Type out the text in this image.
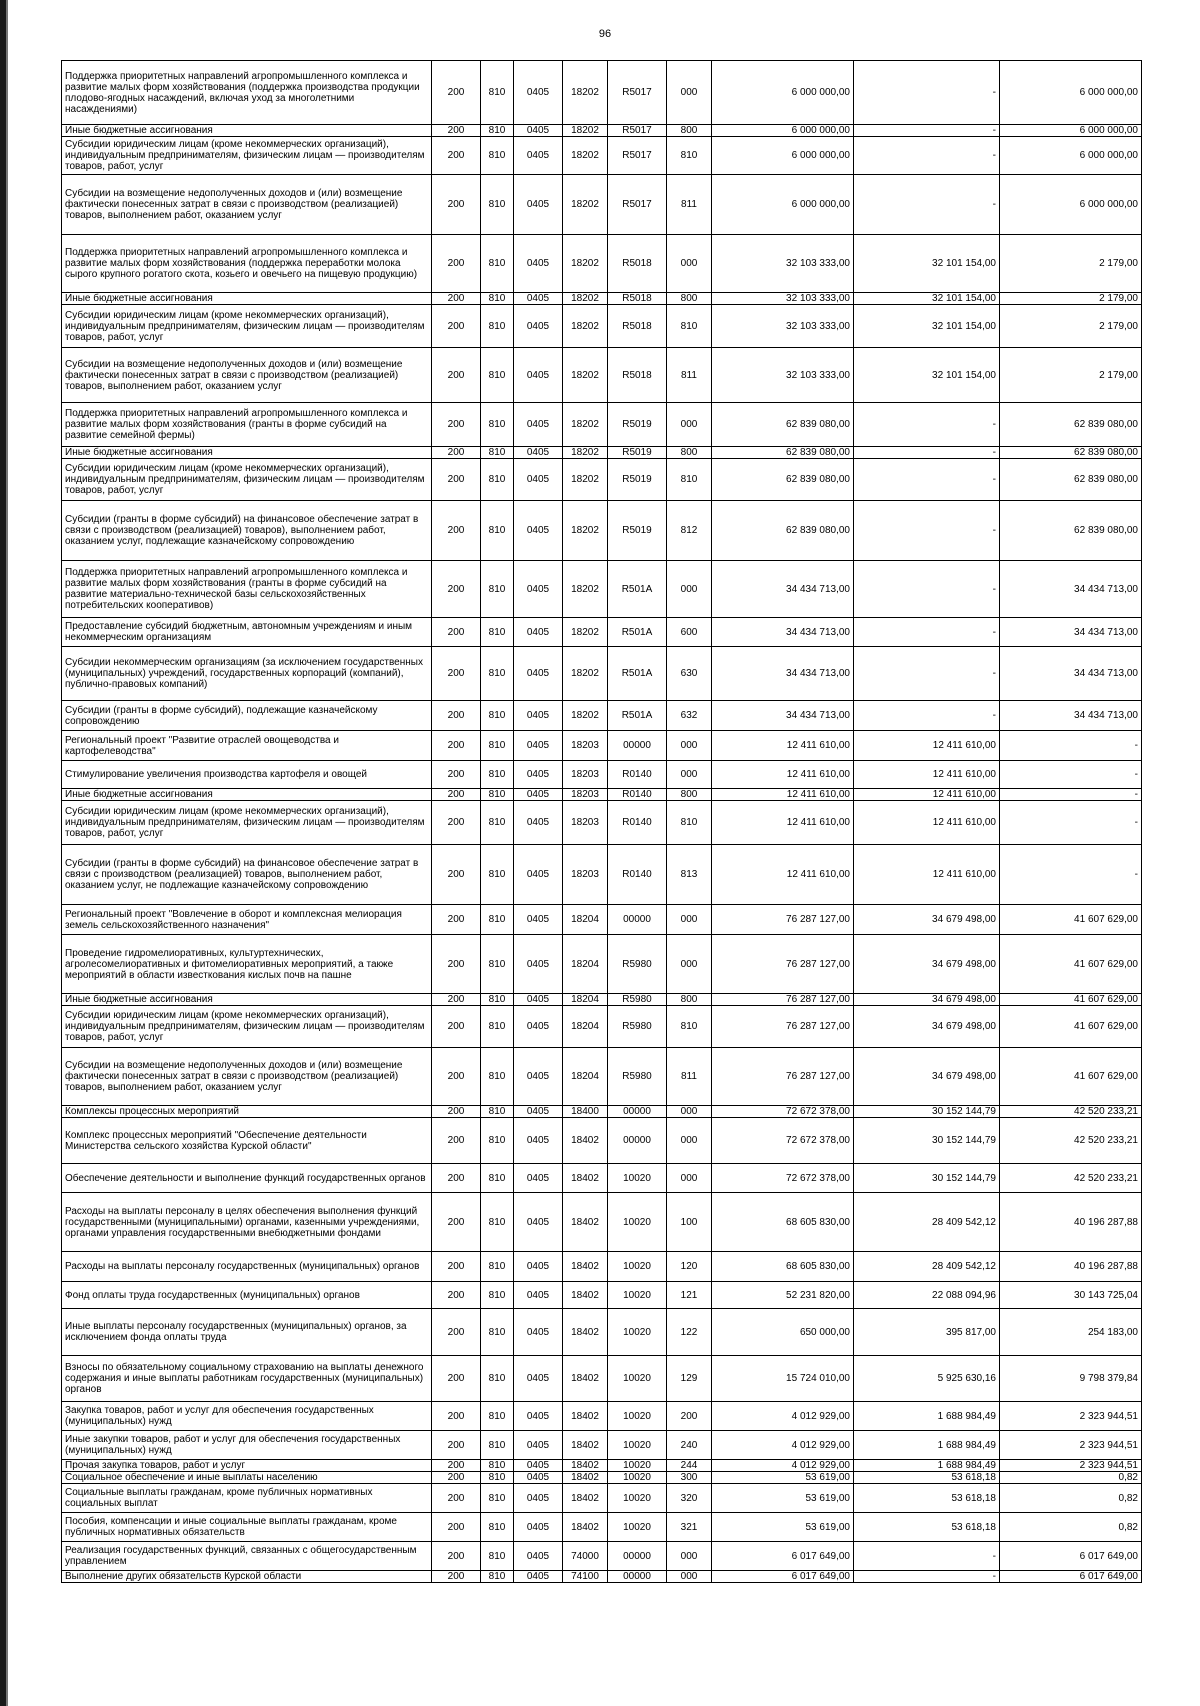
96
Поддержка приоритетных направлений агропромышленного комплекса и развитие малых форм хозяйствования (поддержка производства продукции плодово-ягодных насаждений, включая уход за многолетними насаждениями)	200	810	0405	18202	R5017	000	6 000 000,00	-	6 000 000,00
Иные бюджетные ассигнования	200	810	0405	18202	R5017	800	6 000 000,00	-	6 000 000,00
Субсидии юридическим лицам (кроме некоммерческих организаций), индивидуальным предпринимателям, физическим лицам — производителям товаров, работ, услуг	200	810	0405	18202	R5017	810	6 000 000,00	-	6 000 000,00
Субсидии на возмещение недополученных доходов и (или) возмещение фактически понесенных затрат в связи с производством (реализацией) товаров, выполнением работ, оказанием услуг	200	810	0405	18202	R5017	811	6 000 000,00	-	6 000 000,00
Поддержка приоритетных направлений агропромышленного комплекса и развитие малых форм хозяйствования (поддержка переработки молока сырого крупного рогатого скота, козьего и овечьего на пищевую продукцию)	200	810	0405	18202	R5018	000	32 103 333,00	32 101 154,00	2 179,00
Иные бюджетные ассигнования	200	810	0405	18202	R5018	800	32 103 333,00	32 101 154,00	2 179,00
Субсидии юридическим лицам (кроме некоммерческих организаций), индивидуальным предпринимателям, физическим лицам — производителям товаров, работ, услуг	200	810	0405	18202	R5018	810	32 103 333,00	32 101 154,00	2 179,00
Субсидии на возмещение недополученных доходов и (или) возмещение фактически понесенных затрат в связи с производством (реализацией) товаров, выполнением работ, оказанием услуг	200	810	0405	18202	R5018	811	32 103 333,00	32 101 154,00	2 179,00
Поддержка приоритетных направлений агропромышленного комплекса и развитие малых форм хозяйствования (гранты в форме субсидий на развитие семейной фермы)	200	810	0405	18202	R5019	000	62 839 080,00	-	62 839 080,00
Иные бюджетные ассигнования	200	810	0405	18202	R5019	800	62 839 080,00	-	62 839 080,00
Субсидии юридическим лицам (кроме некоммерческих организаций), индивидуальным предпринимателям, физическим лицам — производителям товаров, работ, услуг	200	810	0405	18202	R5019	810	62 839 080,00	-	62 839 080,00
Субсидии (гранты в форме субсидий) на финансовое обеспечение затрат в связи с производством (реализацией) товаров), выполнением работ, оказанием услуг, подлежащие казначейскому сопровождению	200	810	0405	18202	R5019	812	62 839 080,00	-	62 839 080,00
Поддержка приоритетных направлений агропромышленного комплекса и развитие малых форм хозяйствования (гранты в форме субсидий на развитие материально-технической базы сельскохозяйственных потребительских кооперативов)	200	810	0405	18202	R501A	000	34 434 713,00	-	34 434 713,00
Предоставление субсидий бюджетным, автономным учреждениям и иным некоммерческим организациям	200	810	0405	18202	R501A	600	34 434 713,00	-	34 434 713,00
Субсидии некоммерческим организациям (за исключением государственных (муниципальных) учреждений, государственных корпораций (компаний), публично-правовых компаний)	200	810	0405	18202	R501A	630	34 434 713,00	-	34 434 713,00
Субсидии (гранты в форме субсидий), подлежащие казначейскому сопровождению	200	810	0405	18202	R501A	632	34 434 713,00	-	34 434 713,00
Региональный проект "Развитие отраслей овощеводства и картофелеводства"	200	810	0405	18203	00000	000	12 411 610,00	12 411 610,00	-
Стимулирование увеличения производства картофеля и овощей	200	810	0405	18203	R0140	000	12 411 610,00	12 411 610,00	-
Иные бюджетные ассигнования	200	810	0405	18203	R0140	800	12 411 610,00	12 411 610,00	-
Субсидии юридическим лицам (кроме некоммерческих организаций), индивидуальным предпринимателям, физическим лицам — производителям товаров, работ, услуг	200	810	0405	18203	R0140	810	12 411 610,00	12 411 610,00	-
Субсидии (гранты в форме субсидий) на финансовое обеспечение затрат в связи с производством (реализацией) товаров, выполнением работ, оказанием услуг, не подлежащие казначейскому сопровождению	200	810	0405	18203	R0140	813	12 411 610,00	12 411 610,00	-
Региональный проект "Вовлечение в оборот и комплексная мелиорация земель сельскохозяйственного назначения"	200	810	0405	18204	00000	000	76 287 127,00	34 679 498,00	41 607 629,00
Проведение гидромелиоративных, культуртехнических, агролесомелиоративных и фитомелиоративных мероприятий, а также мероприятий в области известкования кислых почв на пашне	200	810	0405	18204	R5980	000	76 287 127,00	34 679 498,00	41 607 629,00
Иные бюджетные ассигнования	200	810	0405	18204	R5980	800	76 287 127,00	34 679 498,00	41 607 629,00
Субсидии юридическим лицам (кроме некоммерческих организаций), индивидуальным предпринимателям, физическим лицам — производителям товаров, работ, услуг	200	810	0405	18204	R5980	810	76 287 127,00	34 679 498,00	41 607 629,00
Субсидии на возмещение недополученных доходов и (или) возмещение фактически понесенных затрат в связи с производством (реализацией) товаров, выполнением работ, оказанием услуг	200	810	0405	18204	R5980	811	76 287 127,00	34 679 498,00	41 607 629,00
Комплексы процессных мероприятий	200	810	0405	18400	00000	000	72 672 378,00	30 152 144,79	42 520 233,21
Комплекс процессных мероприятий "Обеспечение деятельности Министерства сельского хозяйства Курской области"	200	810	0405	18402	00000	000	72 672 378,00	30 152 144,79	42 520 233,21
Обеспечение деятельности и выполнение функций государственных органов	200	810	0405	18402	10020	000	72 672 378,00	30 152 144,79	42 520 233,21
Расходы на выплаты персоналу в целях обеспечения выполнения функций государственными (муниципальными) органами, казенными учреждениями, органами управления государственными внебюджетными фондами	200	810	0405	18402	10020	100	68 605 830,00	28 409 542,12	40 196 287,88
Расходы на выплаты персоналу государственных (муниципальных) органов	200	810	0405	18402	10020	120	68 605 830,00	28 409 542,12	40 196 287,88
Фонд оплаты труда государственных (муниципальных) органов	200	810	0405	18402	10020	121	52 231 820,00	22 088 094,96	30 143 725,04
Иные выплаты персоналу государственных (муниципальных) органов, за исключением фонда оплаты труда	200	810	0405	18402	10020	122	650 000,00	395 817,00	254 183,00
Взносы по обязательному социальному страхованию на выплаты денежного содержания и иные выплаты работникам государственных (муниципальных) органов	200	810	0405	18402	10020	129	15 724 010,00	5 925 630,16	9 798 379,84
Закупка товаров, работ и услуг для обеспечения государственных (муниципальных) нужд	200	810	0405	18402	10020	200	4 012 929,00	1 688 984,49	2 323 944,51
Иные закупки товаров, работ и услуг для обеспечения государственных (муниципальных) нужд	200	810	0405	18402	10020	240	4 012 929,00	1 688 984,49	2 323 944,51
Прочая закупка товаров, работ и услуг	200	810	0405	18402	10020	244	4 012 929,00	1 688 984,49	2 323 944,51
Социальное обеспечение и иные выплаты населению	200	810	0405	18402	10020	300	53 619,00	53 618,18	0,82
Социальные выплаты гражданам, кроме публичных нормативных социальных выплат	200	810	0405	18402	10020	320	53 619,00	53 618,18	0,82
Пособия, компенсации и иные социальные выплаты гражданам, кроме публичных нормативных обязательств	200	810	0405	18402	10020	321	53 619,00	53 618,18	0,82
Реализация государственных функций, связанных с общегосударственным управлением	200	810	0405	74000	00000	000	6 017 649,00	-	6 017 649,00
Выполнение других обязательств Курской области	200	810	0405	74100	00000	000	6 017 649,00	-	6 017 649,00
